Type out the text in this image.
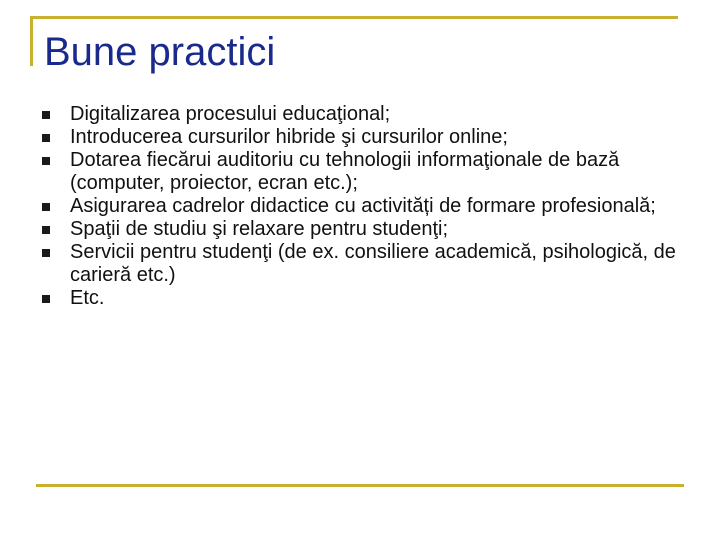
Bune practici
Digitalizarea procesului educaţional;
Introducerea cursurilor hibride şi cursurilor online;
Dotarea fiecărui auditoriu cu tehnologii informaţionale de bază (computer, proiector, ecran etc.);
Asigurarea cadrelor didactice cu activități de formare profesională;
Spaţii de studiu şi relaxare pentru studenţi;
Servicii pentru studenţi (de ex. consiliere academică, psihologică, de carieră etc.)
Etc.
